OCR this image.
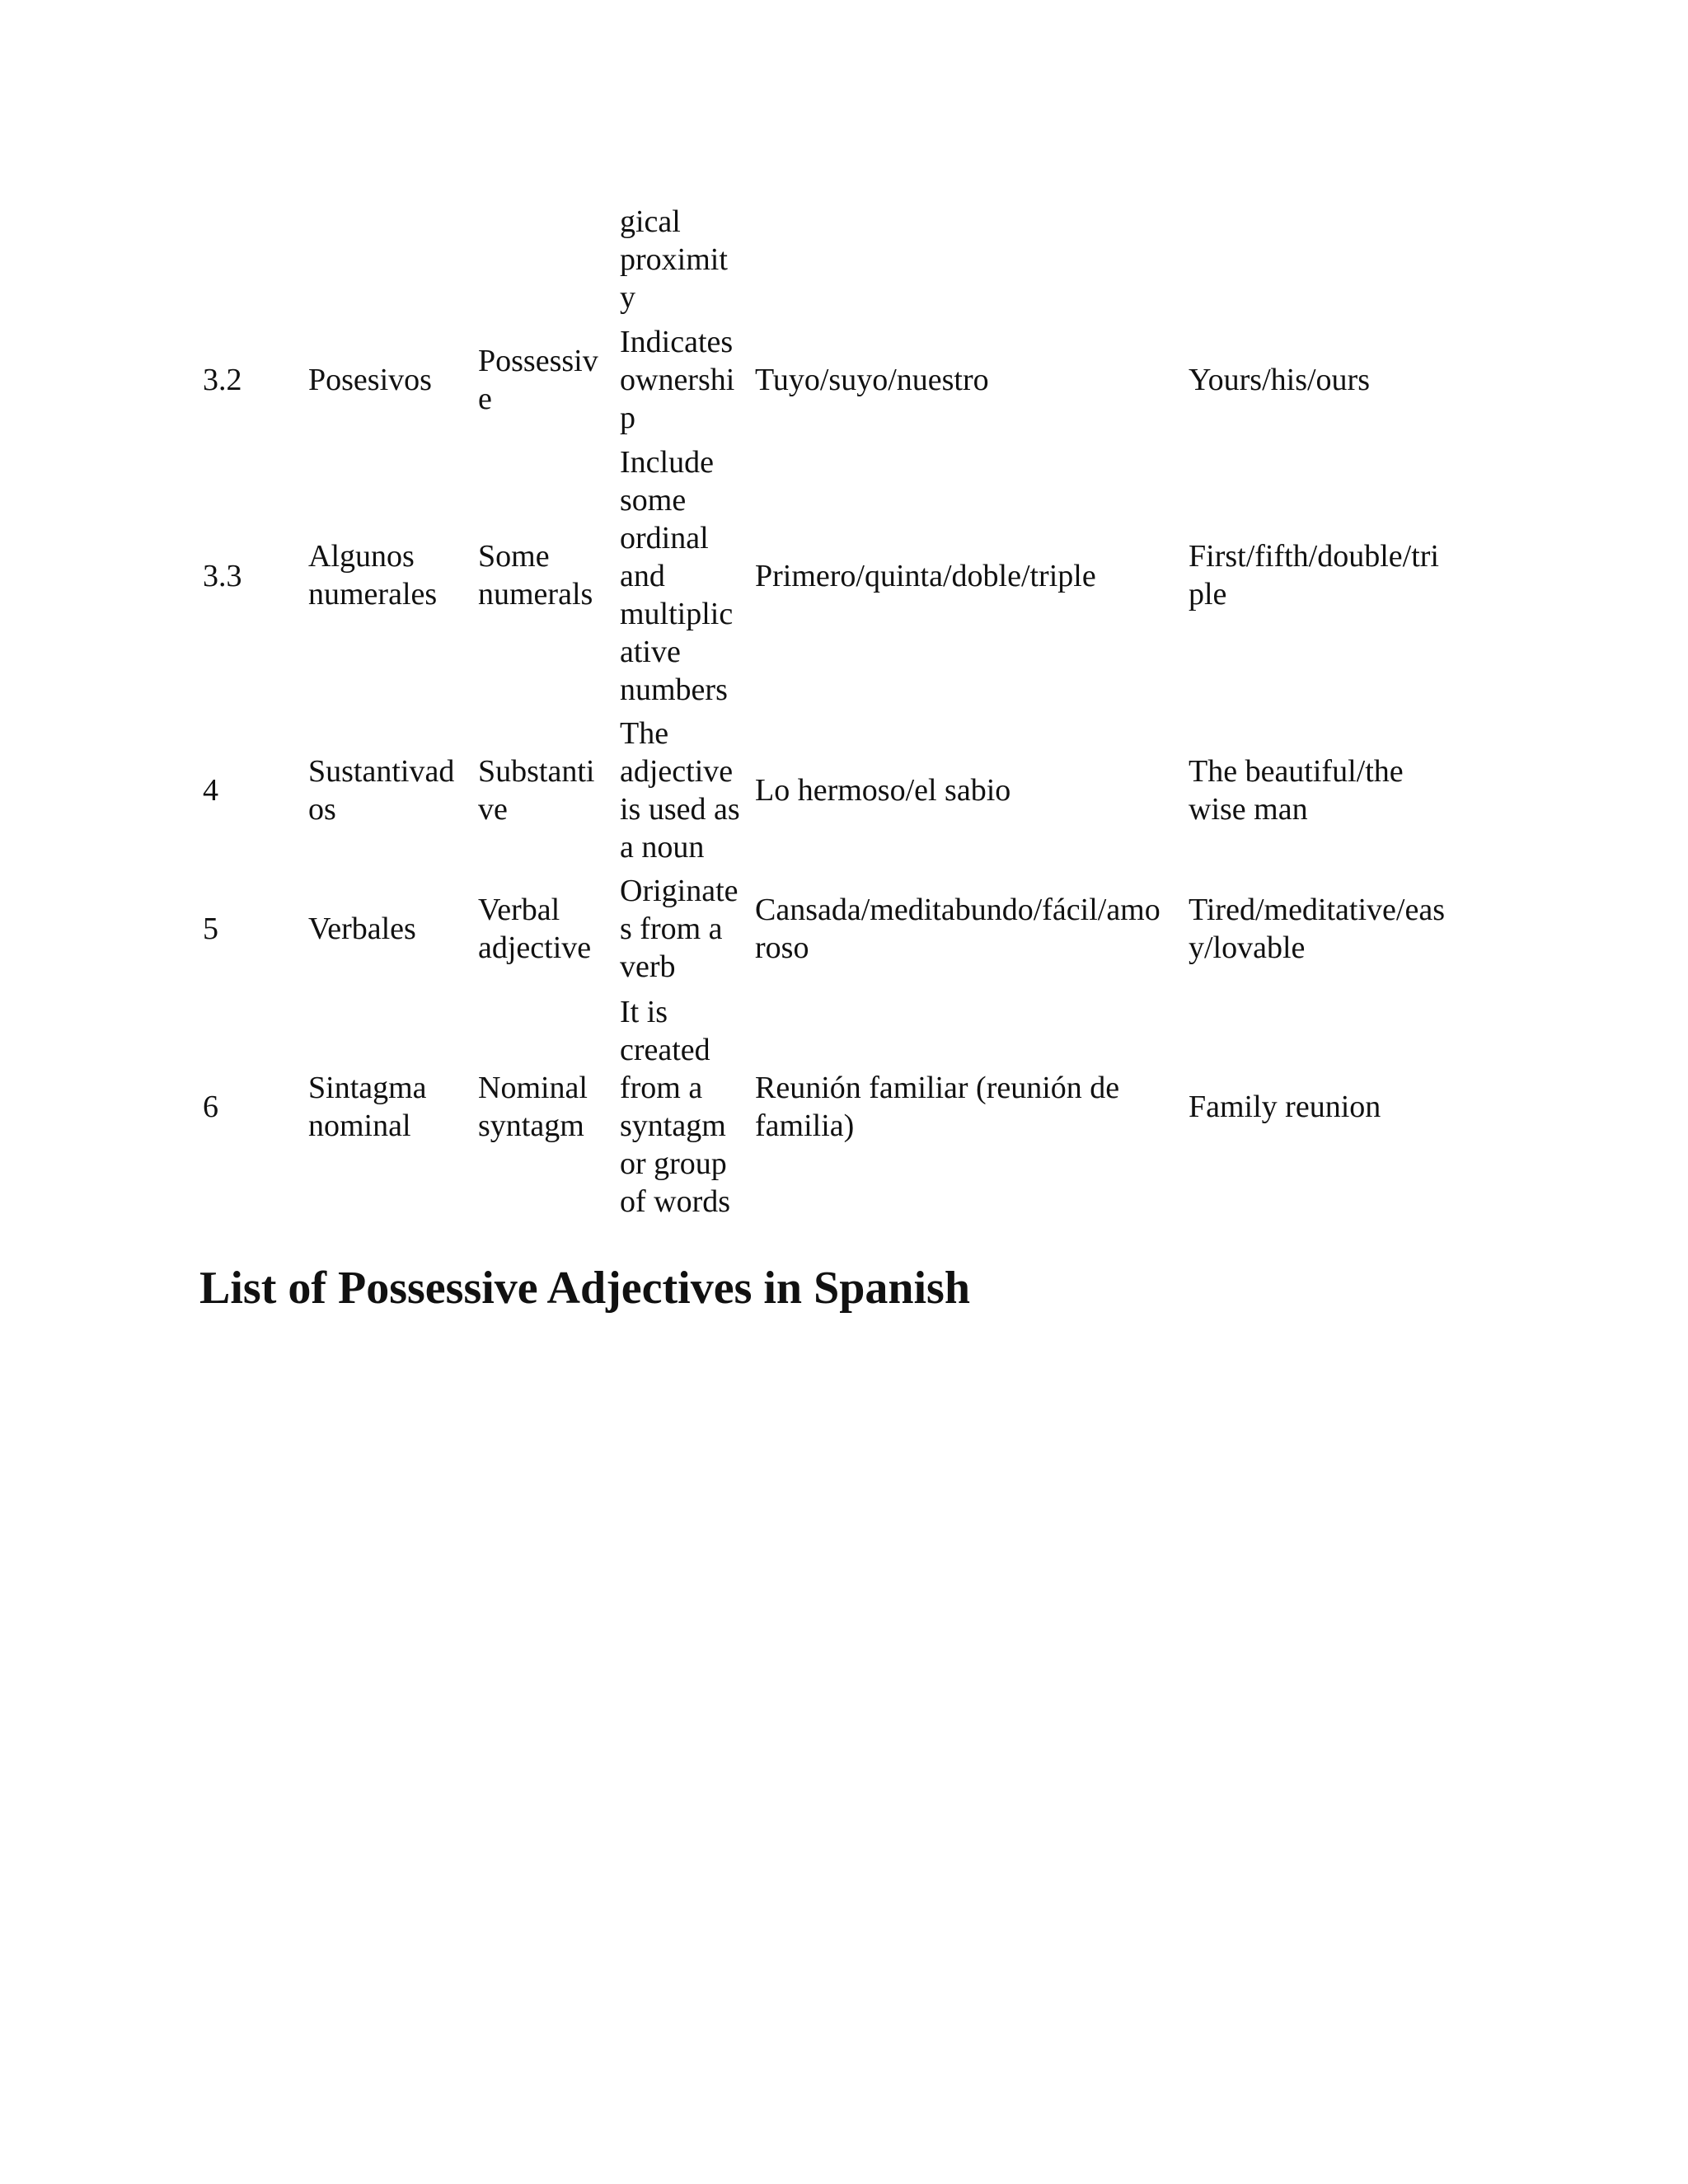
gical
proximit
y
3.2 Posesivos
Possessiv
e
Indicates
ownershi
p
Tuyo/suyo/nuestro	Yours/his/ours
3.3
Algunos
numerales
Some
numerals
Include
some
ordinal
and
multiplic
ative
numbers
Primero/quinta/doble/triple
First/fifth/double/tri
ple
4
Sustantivad
os
Substanti
ve
The
adjective
is used as
a noun
Lo hermoso/el sabio
The beautiful/the
wise man
5	Verbales
Verbal
adjective
Originate
s from a
verb
Cansada/meditabundo/fácil/amo
roso
Tired/meditative/eas
y/lovable
6
Sintagma
nominal
Nominal
syntagm
It is
created
from a
syntagm
or group
of words
Reunión familiar (reunión de
familia)
Family reunion
List of Possessive Adjectives in Spanish
